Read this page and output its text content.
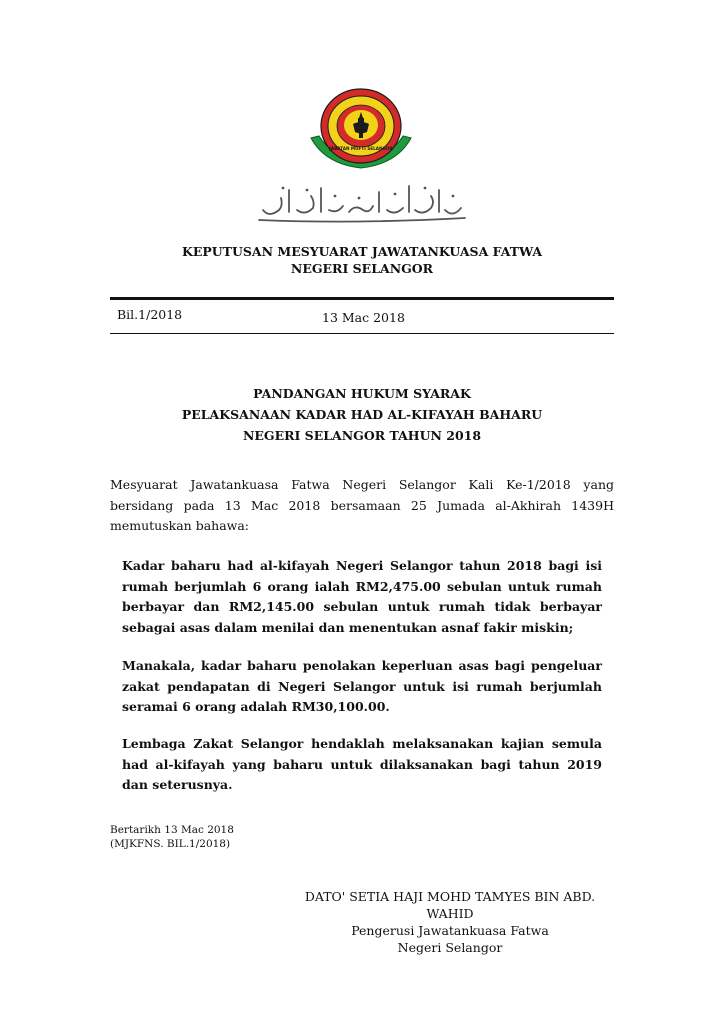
JABATAN MUFTI SELANGOR
KEPUTUSAN MESYUARAT JAWATANKUASA FATWA
NEGERI SELANGOR
Bil.1/2018	13 Mac 2018
PANDANGAN HUKUM SYARAK
PELAKSANAAN KADAR HAD AL-KIFAYAH BAHARU
NEGERI SELANGOR TAHUN 2018
Mesyuarat Jawatankuasa Fatwa Negeri Selangor Kali Ke-1/2018 yang bersidang pada 13 Mac 2018 bersamaan 25 Jumada al-Akhirah 1439H memutuskan bahawa:
Kadar baharu had al-kifayah Negeri Selangor tahun 2018 bagi isi rumah berjumlah 6 orang ialah RM2,475.00 sebulan untuk rumah berbayar dan RM2,145.00 sebulan untuk rumah tidak berbayar sebagai asas dalam menilai dan menentukan asnaf fakir miskin;
Manakala, kadar baharu penolakan keperluan asas bagi pengeluar zakat pendapatan di Negeri Selangor untuk isi rumah berjumlah seramai 6 orang adalah RM30,100.00.
Lembaga Zakat Selangor hendaklah melaksanakan kajian semula had al-kifayah yang baharu untuk dilaksanakan bagi tahun 2019 dan seterusnya.
Bertarikh 13 Mac 2018
(MJKFNS. BIL.1/2018)
DATO' SETIA HAJI MOHD TAMYES BIN ABD. WAHID
Pengerusi Jawatankuasa Fatwa
Negeri Selangor
